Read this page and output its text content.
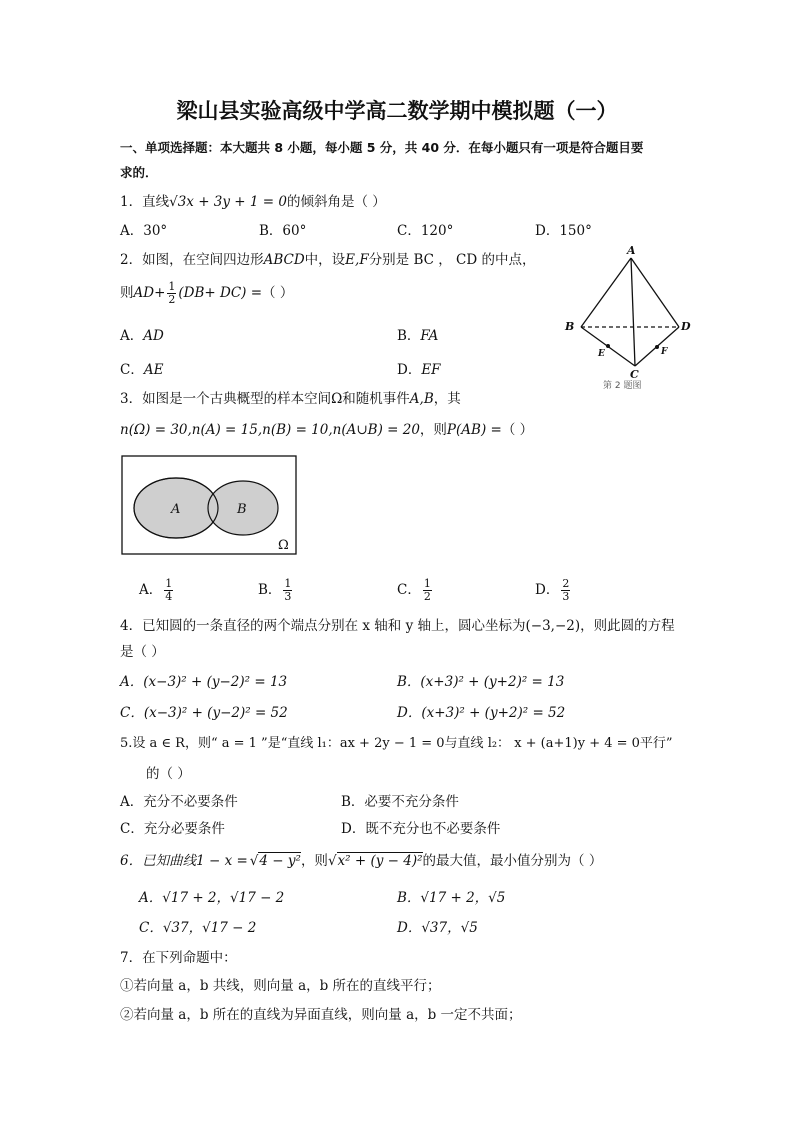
梁山县实验高级中学高二数学期中模拟题（一）
一、单项选择题：本大题共 8 小题，每小题 5 分，共 40 分．在每小题只有一项是符合题目要
求的．
1．直线√3x + 3y + 1 = 0的倾斜角是（ ）
A．30°	B．60°	C．120°	D．150°
2．如图，在空间四边形ABCD中，设E,F分别是 BC ， CD 的中点，
则$AD+ \frac{1}{2} (DB+ DC)$ =（ ）
A．AD	B．FA
C．AE	D．EF
A
B	D
C
E	F
第 2 题图
3．如图是一个古典概型的样本空间Ω和随机事件A,B，其
n(Ω) = 30,n(A) = 15,n(B) = 10,n(A∪B) = 20，则P(AB) =（ ）
A	B
Ω
A． $\frac{1}{4}$	B． $\frac{1}{3}$	C． $\frac{1}{2}$	D． $\frac{2}{3}$
4．已知圆的一条直径的两个端点分别在 x 轴和 y 轴上，圆心坐标为(−3,−2)，则此圆的方程
是（ ）
A．(x−3)² + (y−2)² = 13	B．(x+3)² + (y+2)² = 13
C．(x−3)² + (y−2)² = 52	D．(x+3)² + (y+2)² = 52
5.设 a ∈ R，则“ a = 1 ”是“直线 l₁：ax + 2y − 1 = 0与直线 l₂： x + (a+1)y + 4 = 0平行”
的（ ）
A．充分不必要条件	B．必要不充分条件
C．充分必要条件	D．既不充分也不必要条件
6．已知曲线1 − x = √4 − y²，则√x² + (y − 4)²的最大值，最小值分别为（ ）
A．√17 + 2，√17 − 2	B．√17 + 2，√5
C．√37，√17 − 2	D．√37，√5
7．在下列命题中：
①若向量 a，b 共线，则向量 a，b 所在的直线平行；
②若向量 a，b 所在的直线为异面直线，则向量 a，b 一定不共面；
